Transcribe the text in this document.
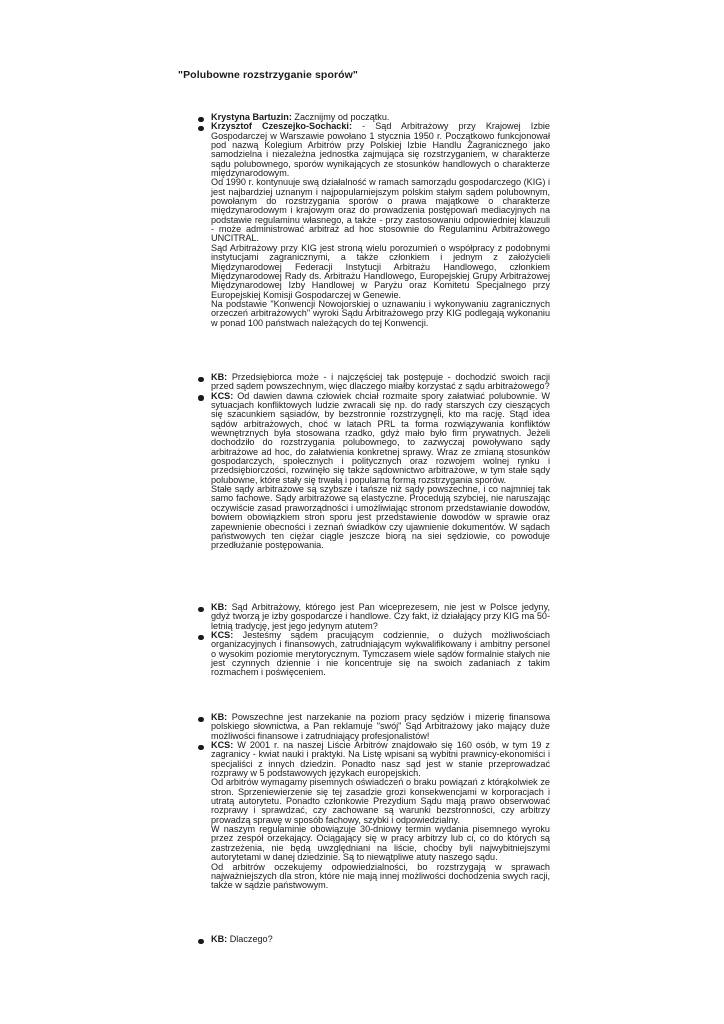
"Polubowne rozstrzyganie sporów"

Krystyna Bartuzin: Zacznijmy od początku.

Krzysztof Czeszejko-Sochacki: - Sąd Arbitrażowy przy Krajowej Izbie Gospodarczej w Warszawie powołano 1 stycznia 1950 r. Początkowo funkcjonował pod nazwą Kolegium Arbitrów przy Polskiej Izbie Handlu Zagranicznego jako samodzielna i niezależna jednostka zajmująca się rozstrzyganiem, w charakterze sądu polubownego, sporów wynikających ze stosunków handlowych o charakterze międzynarodowym.

Od 1990 r. kontynuuje swą działalność w ramach samorządu gospodarczego (KIG) i jest najbardziej uznanym i najpopularniejszym polskim stałym sądem polubownym, powołanym do rozstrzygania sporów o prawa majątkowe o charakterze międzynarodowym i krajowym oraz do prowadzenia postępowań mediacyjnych na podstawie regulaminu własnego, a także - przy zastosowaniu odpowiedniej klauzuli - może administrować arbitraż ad hoc stosownie do Regulaminu Arbitrażowego UNCITRAL.

Sąd Arbitrażowy przy KIG jest stroną wielu porozumień o współpracy z podobnymi instytucjami zagranicznymi, a także członkiem i jednym z założycieli Międzynarodowej Federacji Instytucji Arbitrażu Handlowego, członkiem Międzynarodowej Rady ds. Arbitrażu Handlowego, Europejskiej Grupy Arbitrażowej Międzynarodowej Izby Handlowej w Paryżu oraz Komitetu Specjalnego przy Europejskiej Komisji Gospodarczej w Genewie.

Na podstawie "Konwencji Nowojorskiej o uznawaniu i wykonywaniu zagranicznych orzeczeń arbitrażowych" wyroki Sądu Arbitrażowego przy KIG podlegają wykonaniu w ponad 100 państwach należących do tej Konwencji.

KB: Przedsiębiorca może - i najczęściej tak postępuje - dochodzić swoich racji przed sądem powszechnym, więc dlaczego miałby korzystać z sądu arbitrażowego?

KCS: Od dawien dawna człowiek chciał rozmaite spory załatwiać polubownie. W sytuacjach konfliktowych ludzie zwracali się np. do rady starszych czy cieszących się szacunkiem sąsiadów, by bezstronnie rozstrzygnęli, kto ma rację. Stąd idea sądów arbitrażowych, choć w latach PRL ta forma rozwiązywania konfliktów wewnętrznych była stosowana rzadko, gdyż mało było firm prywatnych. Jeżeli dochodziło do rozstrzygania polubownego, to zazwyczaj powoływano sądy arbitrażowe ad hoc, do załatwienia konkretnej sprawy. Wraz ze zmianą stosunków gospodarczych, społecznych i politycznych oraz rozwojem wolnej rynku i przedsiębiorczości, rozwinęło się także sądownictwo arbitrażowe, w tym stałe sądy polubowne, które stały się trwałą i popularną formą rozstrzygania sporów.

Stałe sądy arbitrażowe są szybsze i tańsze niż sądy powszechne, i co najmniej tak samo fachowe. Sądy arbitrażowe są elastyczne. Procedują szybciej, nie naruszając oczywiście zasad praworządności i umożliwiając stronom przedstawianie dowodów, bowiem obowiązkiem stron sporu jest przedstawienie dowodów w sprawie oraz zapewnienie obecności i zeznań świadków czy ujawnienie dokumentów. W sądach państwowych ten ciężar ciągle jeszcze biorą na siei sędziowie, co powoduje przedłużanie postępowania.

KB: Sąd Arbitrażowy, którego jest Pan wiceprezesem, nie jest w Polsce jedyny, gdyż tworzą je izby gospodarcze i handlowe. Czy fakt, iż działający przy KIG ma 50-letnią tradycję, jest jego jedynym atutem?

KCS: Jesteśmy sądem pracującym codziennie, o dużych możliwościach organizacyjnych i finansowych, zatrudniającym wykwalifikowany i ambitny personel o wysokim poziomie merytorycznym. Tymczasem wiele sądów formalnie stałych nie jest czynnych dziennie i nie koncentruje się na swoich zadaniach z takim rozmachem i poświęceniem.

KB: Powszechne jest narzekanie na poziom pracy sędziów i mizerię finansowa polskiego słownictwa, a Pan reklamuje "swój" Sąd Arbitrażowy jako mający duże możliwości finansowe i zatrudniający profesjonalistów!

KCS: W 2001 r. na naszej Liście Arbitrów znajdowało się 160 osób, w tym 19 z zagranicy - kwiat nauki i praktyki. Na Listę wpisani są wybitni prawnicy-ekonomiści i specjaliści z innych dziedzin. Ponadto nasz sąd jest w stanie przeprowadzać rozprawy w 5 podstawowych językach europejskich.

Od arbitrów wymagamy pisemnych oświadczeń o braku powiązań z którąkolwiek ze stron. Sprzeniewierzenie się tej zasadzie grozi konsekwencjami w korporacjach i utratą autorytetu. Ponadto członkowie Prezydium Sądu mają prawo obserwować rozprawy i sprawdzać, czy zachowane są warunki bezstronności, czy arbitrzy prowadzą sprawę w sposób fachowy, szybki i odpowiedzialny.

W naszym regulaminie obowiązuje 30-dniowy termin wydania pisemnego wyroku przez zespół orzekający. Ociągający się w pracy arbitrzy lub ci, co do których są zastrzeżenia, nie będą uwzględniani na liście, choćby byli najwybitniejszymi autorytetami w danej dziedzinie. Są to niewątpliwe atuty naszego sądu.

Od arbitrów oczekujemy odpowiedzialności, bo rozstrzygają w sprawach najważniejszych dla stron, które nie mają innej możliwości dochodzenia swych racji, także w sądzie państwowym.

KB: Dlaczego?
